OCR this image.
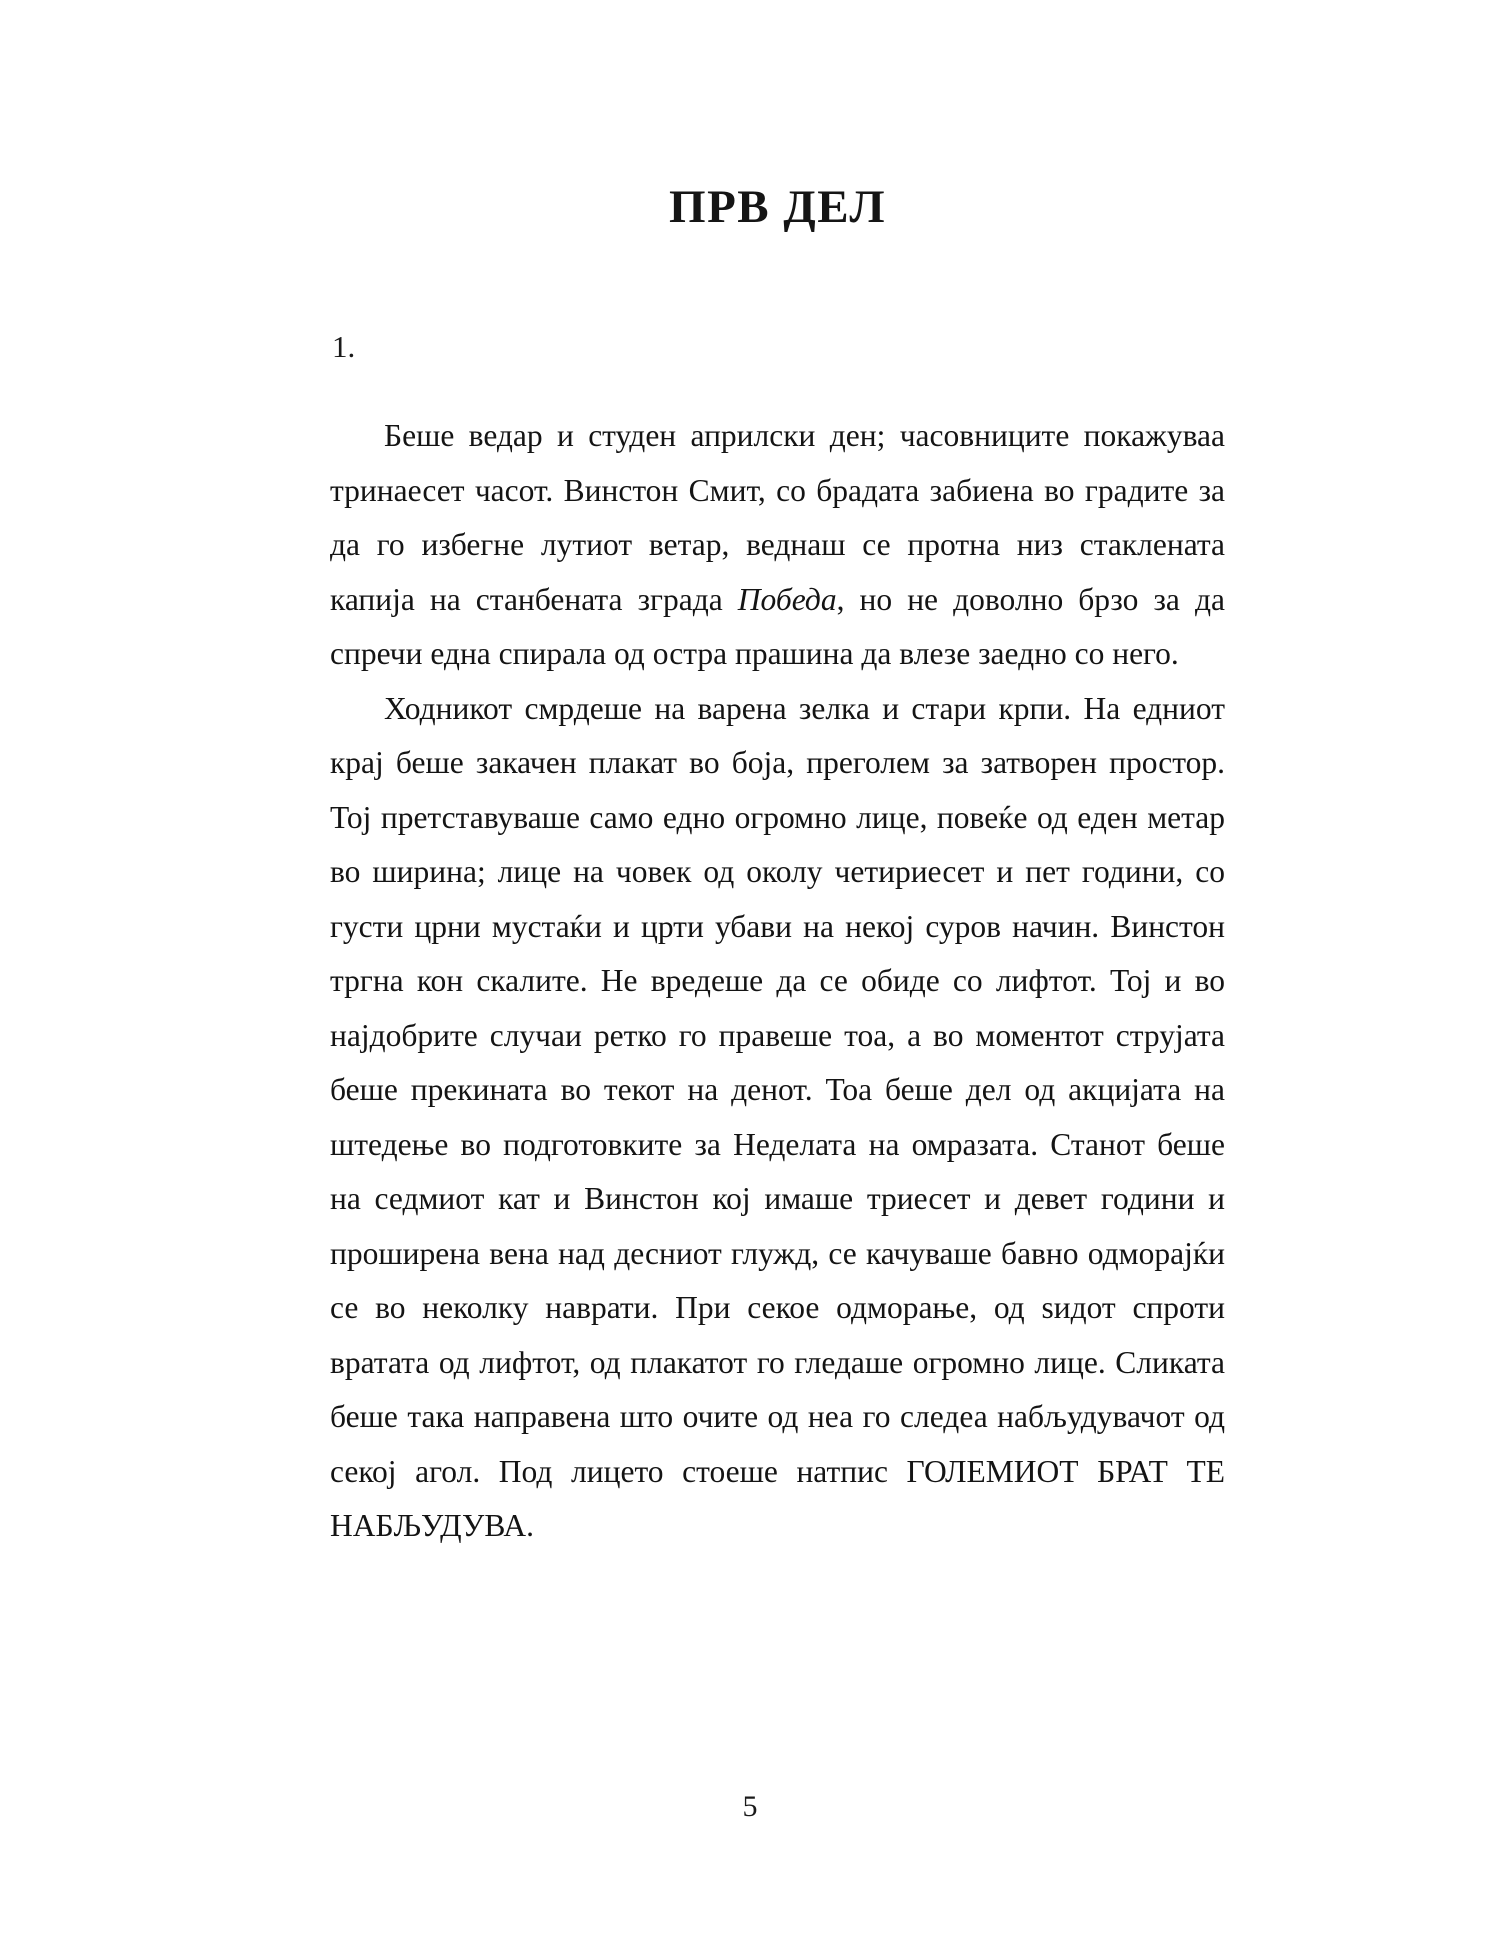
ПРВ ДЕЛ
1.

Беше ведар и студен априлски ден; часовниците покажуваа тринаесет часот. Винстон Смит, со брадата забиена во градите за да го избегне лутиот ветар, веднаш се протна низ стаклената капија на станбената зграда Победа, но не доволно брзо за да спречи една спирала од остра прашина да влезе заедно со него.

Ходникот смрдеше на варена зелка и стари крпи. На едниот крај беше закачен плакат во боја, преголем за затворен простор. Тој претставуваше само едно огромно лице, повеќе од еден метар во ширина; лице на човек од околу четириесет и пет години, со густи црни мустаќи и црти убави на некој суров начин. Винстон тргна кон скалите. Не вредеше да се обиде со лифтот. Тој и во најдобрите случаи ретко го правеше тоа, а во моментот струјата беше прекината во текот на денот. Тоа беше дел од акцијата на штедење во подготовките за Неделата на омразата. Станот беше на седмиот кат и Винстон кој имаше триесет и девет години и проширена вена над десниот глужд, се качуваше бавно одморајќи се во неколку наврати. При секое одморање, од ѕидот спроти вратата од лифтот, од плакатот го гледаше огромно лице. Сликата беше така направена што очите од неа го следеа набљудувачот од секој агол. Под лицето стоеше натпис ГОЛЕМИОТ БРАТ ТЕ НАБЉУДУВА.

5
